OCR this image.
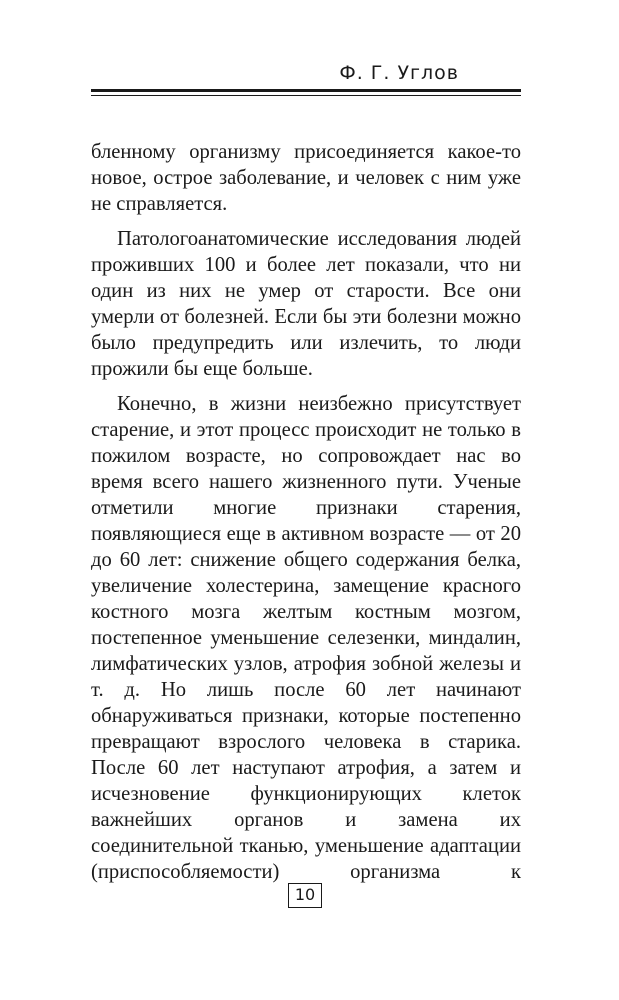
Ф. Г. Углов

бленному организму присоединяется какое-то новое, острое заболевание, и человек с ним уже не справляется.

Патологоанатомические исследования людей проживших 100 и более лет показали, что ни один из них не умер от старости. Все они умерли от болезней. Если бы эти болезни можно было предупредить или излечить, то люди прожили бы еще больше.

Конечно, в жизни неизбежно присутствует старение, и этот процесс происходит не только в пожилом возрасте, но сопровождает нас во время всего нашего жизненного пути. Ученые отметили многие признаки старения, появляющиеся еще в активном возрасте — от 20 до 60 лет: снижение общего содержания белка, увеличение холестерина, замещение красного костного мозга желтым костным мозгом, постепенное уменьшение селезенки, миндалин, лимфатических узлов, атрофия зобной железы и т. д. Но лишь после 60 лет начинают обнаруживаться признаки, которые постепенно превращают взрослого человека в старика. После 60 лет наступают атрофия, а затем и исчезновение функционирующих клеток важнейших органов и замена их соединительной тканью, уменьшение адаптации (приспособляемости) организма к

10
